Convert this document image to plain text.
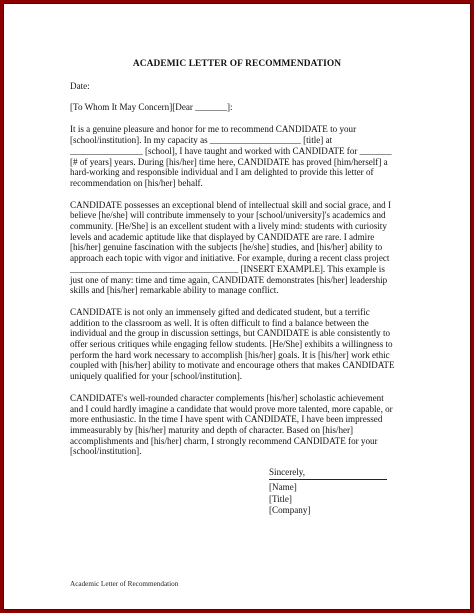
ACADEMIC LETTER OF RECOMMENDATION

Date:

[To Whom It May Concern][Dear _______]:

It is a genuine pleasure and honor for me to recommend CANDIDATE to your
[school/institution]. In my capacity as ____________________ [title] at
________________ [school], I have taught and worked with CANDIDATE for _______
[# of years] years. During [his/her] time here, CANDIDATE has proved [him/herself] a
hard-working and responsible individual and I am delighted to provide this letter of
recommendation on [his/her] behalf.

CANDIDATE possesses an exceptional blend of intellectual skill and social grace, and I
believe [he/she] will contribute immensely to your [school/university]'s academics and
community. [He/She] is an excellent student with a lively mind: students with curiosity
levels and academic aptitude like that displayed by CANDIDATE are rare. I admire
[his/her] genuine fascination with the subjects [he/she] studies, and [his/her] ability to
approach each topic with vigor and initiative. For example, during a recent class project
_____________________________________ [INSERT EXAMPLE]. This example is
just one of many: time and time again, CANDIDATE demonstrates [his/her] leadership
skills and [his/her] remarkable ability to manage conflict.

CANDIDATE is not only an immensely gifted and dedicated student, but a terrific
addition to the classroom as well. It is often difficult to find a balance between the
individual and the group in discussion settings, but CANDIDATE is able consistently to
offer serious critiques while engaging fellow students. [He/She] exhibits a willingness to
perform the hard work necessary to accomplish [his/her] goals. It is [his/her] work ethic
coupled with [his/her] ability to motivate and encourage others that makes CANDIDATE
uniquely qualified for your [school/institution].

CANDIDATE's well-rounded character complements [his/her] scholastic achievement
and I could hardly imagine a candidate that would prove more talented, more capable, or
more enthusiastic. In the time I have spent with CANDIDATE, I have been impressed
immeasurably by [his/her] maturity and depth of character. Based on [his/her]
accomplishments and [his/her] charm, I strongly recommend CANDIDATE for your
[school/institution].

Sincerely,
[Name]
[Title]
[Company]
Academic Letter of Recommendation
